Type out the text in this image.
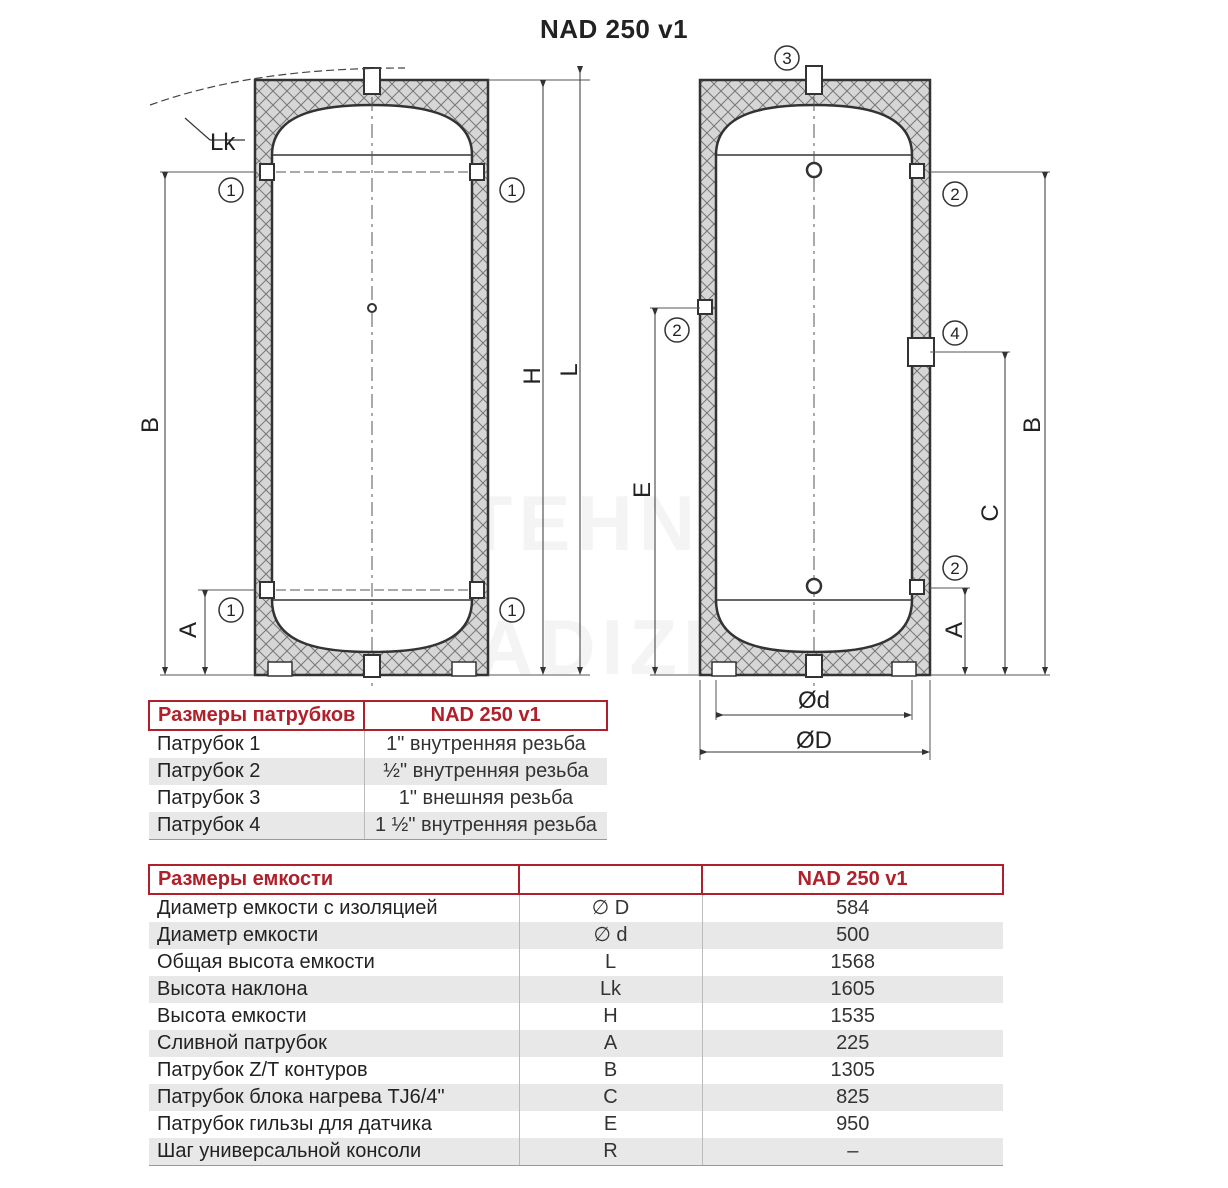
NAD 250 v1
1	1
1	1
3
2
2	4
2
Lk
B
A
H L
E
C
B
A
Ød
ØD
Размеры патрубков	NAD 250 v1
Патрубок 1	1" внутренняя резьба
Патрубок 2	½" внутренняя резьба
Патрубок 3	1" внешняя резьба
Патрубок 4	1 ½" внутренняя резьба
Размеры емкости		NAD 250 v1
Диаметр емкости с изоляцией	∅ D	584
Диаметр емкости	∅ d	500
Общая высота емкости	L	1568
Высота наклона	Lk	1605
Высота емкости	H	1535
Сливной патрубок	A	225
Патрубок Z/T контуров	B	1305
Патрубок блока нагрева TJ6/4"	C	825
Патрубок гильзы для датчика	E	950
Шаг универсальной консоли	R	–
